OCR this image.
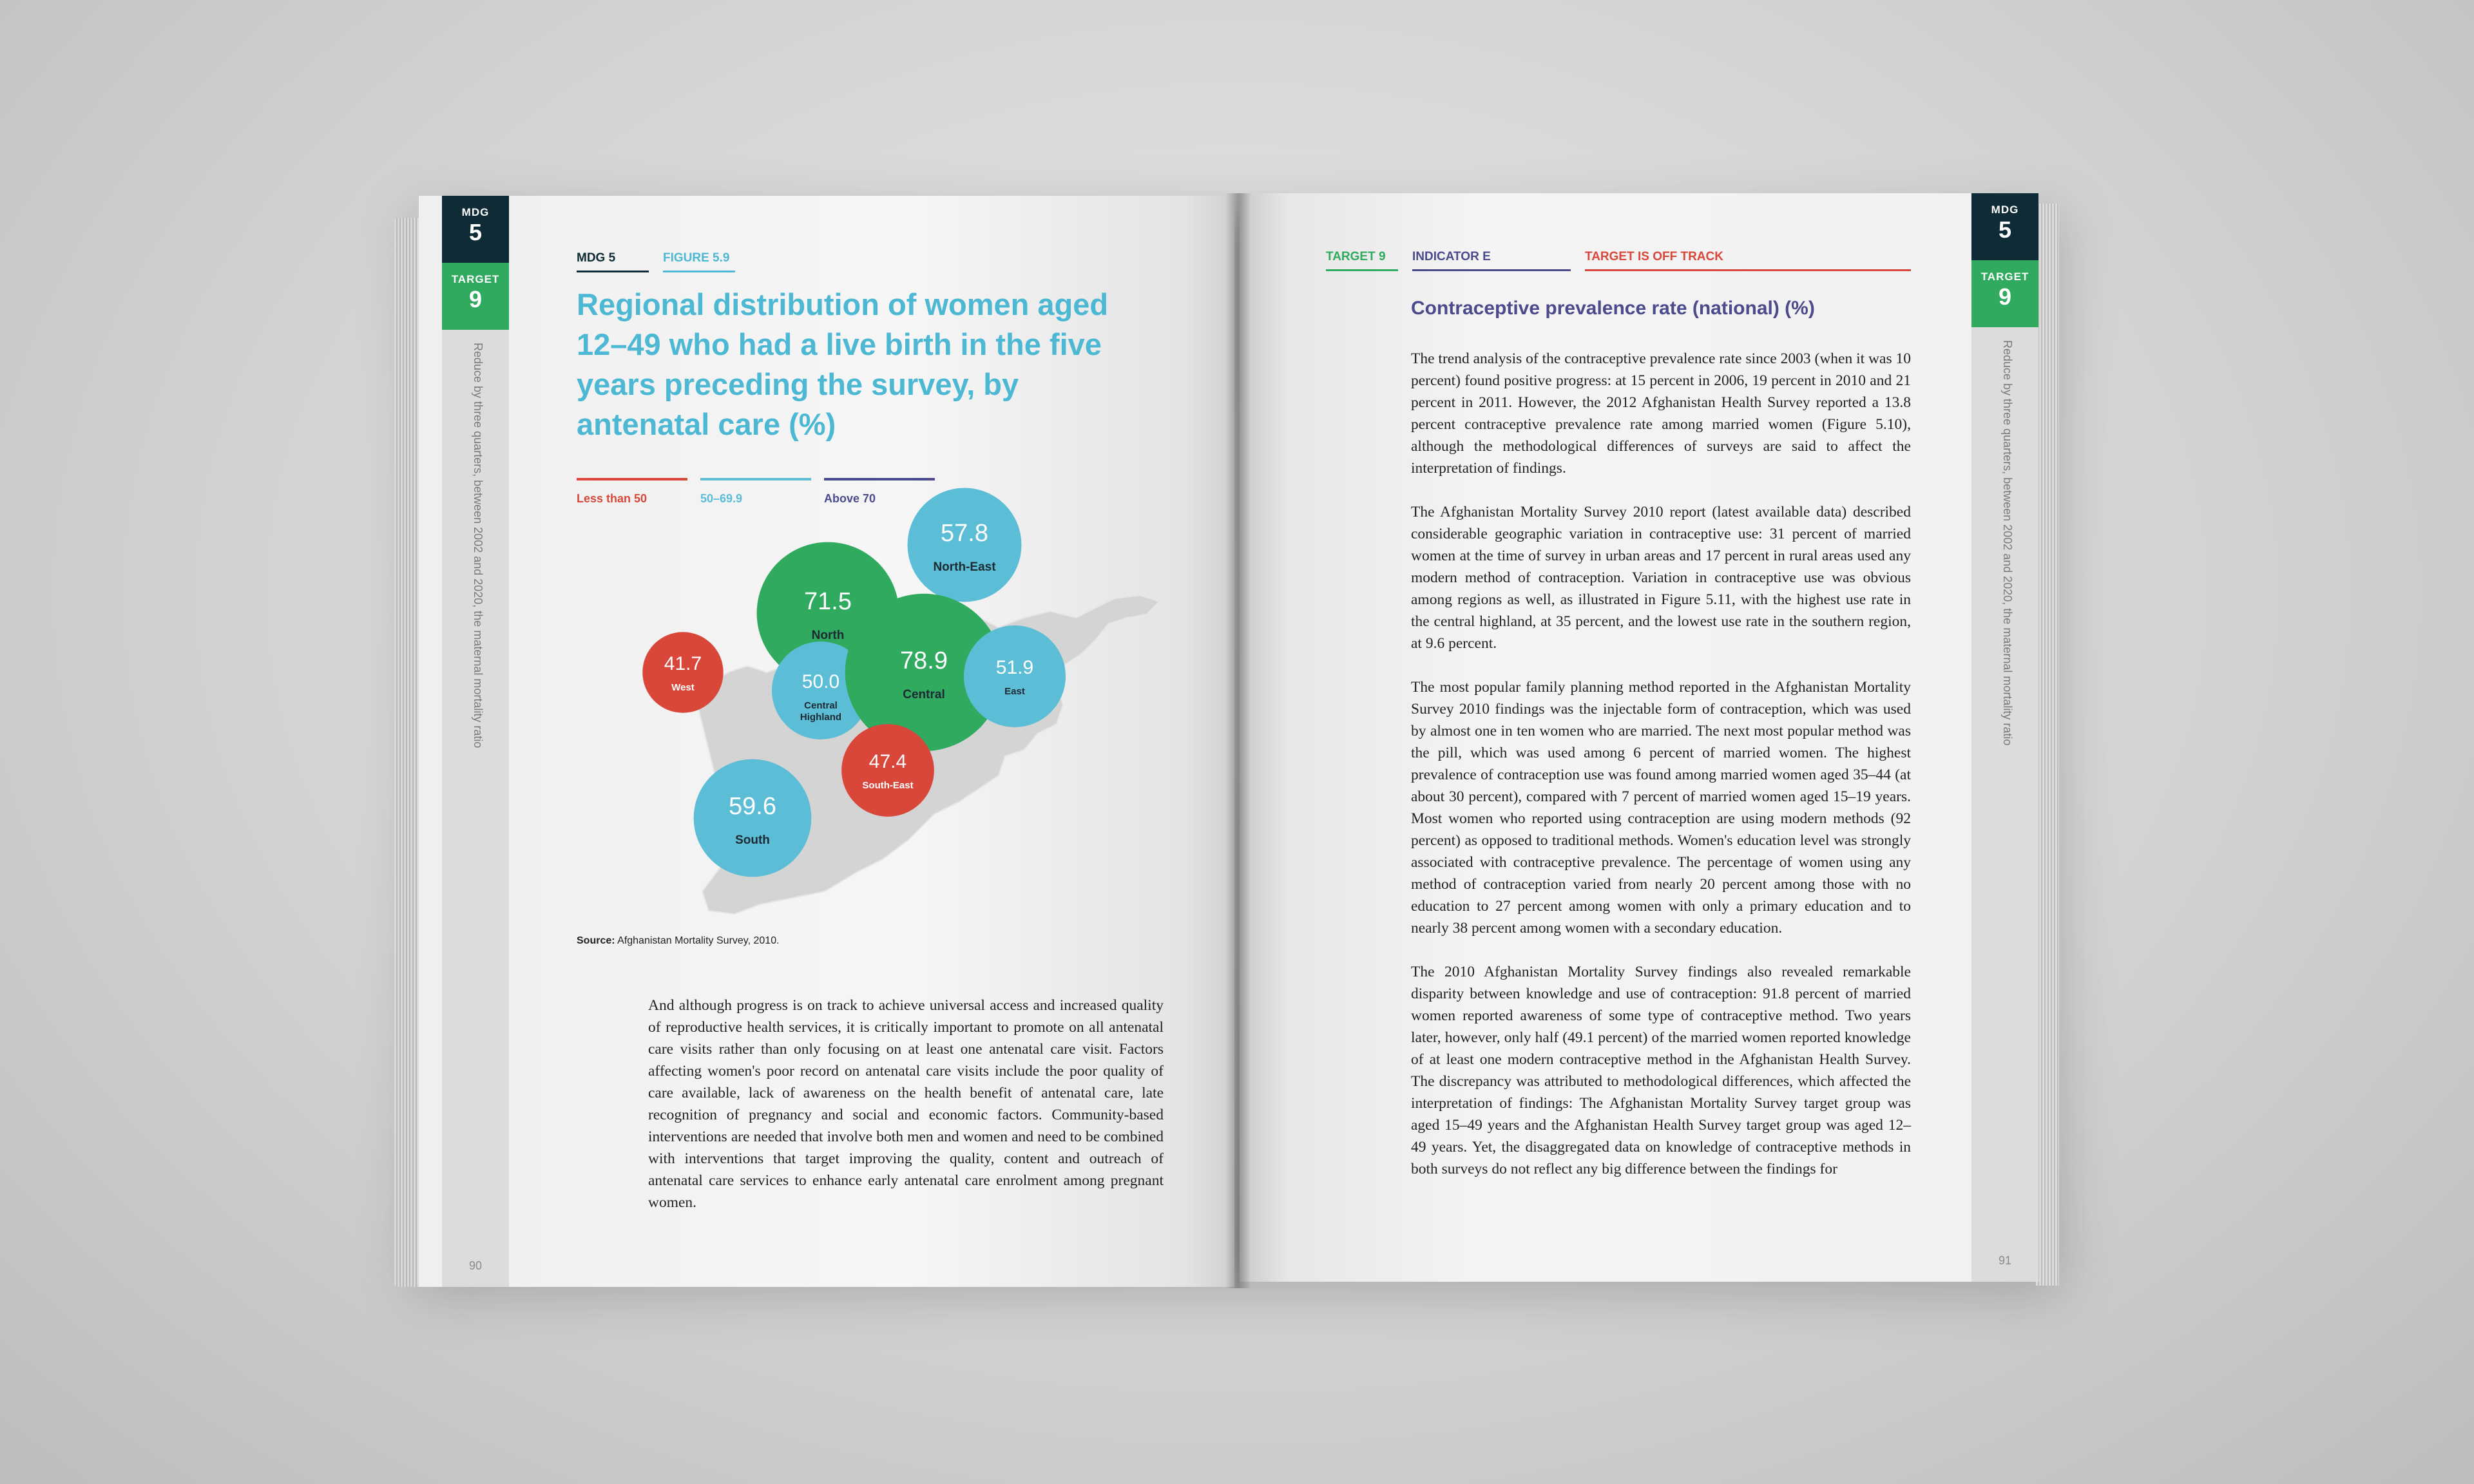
MDG
5
TARGET
9
Reduce by three quarters, between 2002 and 2020, the maternal mortality ratio
90
MDG 5	FIGURE 5.9
Regional distribution of women aged 12–49 who had a live birth in the five years preceding the survey, by antenatal care (%)
Less than 50	50–69.9	Above 70
71.5
North
57.8
North-East
41.7
West	50.0
Central
Highland
78.9
Central
51.9
East
47.4
South-East
59.6
South
Source: Afghanistan Mortality Survey, 2010.
And although progress is on track to achieve universal access and increased quality of reproductive health services, it is critically important to promote on all antenatal care visits rather than only focusing on at least one antenatal care visit. Factors affecting women's poor record on antenatal care visits include the poor quality of care available, lack of awareness on the health benefit of antenatal care, late recognition of pregnancy and social and economic factors. Community-based interventions are needed that involve both men and women and need to be combined with interventions that target improving the quality, content and outreach of antenatal care services to enhance early antenatal care enrolment among pregnant women.
MDG
5
TARGET
9
Reduce by three quarters, between 2002 and 2020, the maternal mortality ratio
91
TARGET 9	INDICATOR E	TARGET IS OFF TRACK
Contraceptive prevalence rate (national) (%)

The trend analysis of the contraceptive prevalence rate since 2003 (when it was 10 percent) found positive progress: at 15 percent in 2006, 19 percent in 2010 and 21 percent in 2011. However, the 2012 Afghanistan Health Survey reported a 13.8 percent contraceptive prevalence rate among married women (Figure 5.10), although the methodological differences of surveys are said to affect the interpretation of findings.

The Afghanistan Mortality Survey 2010 report (latest available data) described considerable geographic variation in contraceptive use: 31 percent of married women at the time of survey in urban areas and 17 percent in rural areas used any modern method of contraception. Variation in contraceptive use was obvious among regions as well, as illustrated in Figure 5.11, with the highest use rate in the central highland, at 35 percent, and the lowest use rate in the southern region, at 9.6 percent.

The most popular family planning method reported in the Afghanistan Mortality Survey 2010 findings was the injectable form of contraception, which was used by almost one in ten women who are married. The next most popular method was the pill, which was used among 6 percent of married women. The highest prevalence of contraception use was found among married women aged 35–44 (at about 30 percent), compared with 7 percent of married women aged 15–19 years. Most women who reported using contraception are using modern methods (92 percent) as opposed to traditional methods. Women's education level was strongly associated with contraceptive prevalence. The percentage of women using any method of contraception varied from nearly 20 percent among those with no education to 27 percent among women with only a primary education and to nearly 38 percent among women with a secondary education.

The 2010 Afghanistan Mortality Survey findings also revealed remarkable disparity between knowledge and use of contraception: 91.8 percent of married women reported awareness of some type of contraceptive method. Two years later, however, only half (49.1 percent) of the married women reported knowledge of at least one modern contraceptive method in the Afghanistan Health Survey. The discrepancy was attributed to methodological differences, which affected the interpretation of findings: The Afghanistan Mortality Survey target group was aged 15–49 years and the Afghanistan Health Survey target group was aged 12–49 years. Yet, the disaggregated data on knowledge of contraceptive methods in both surveys do not reflect any big difference between the findings for
